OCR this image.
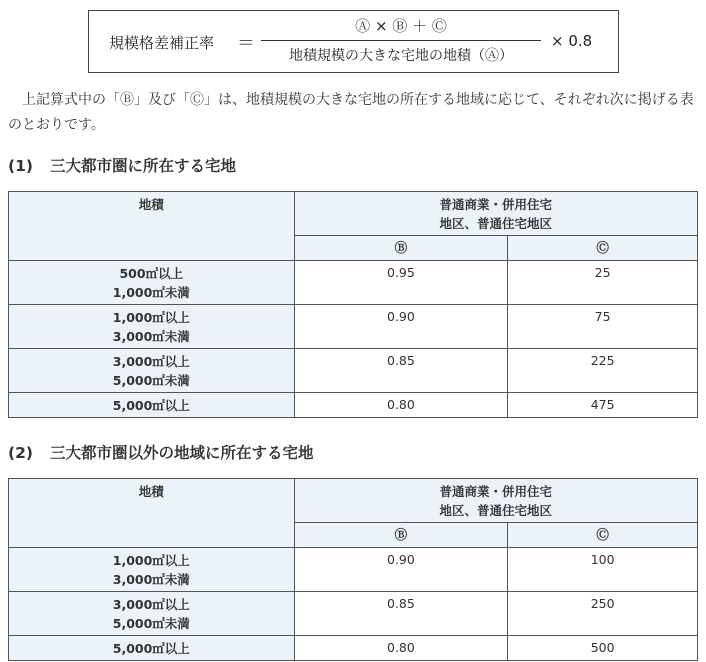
規模格差補正率 ＝
Ⓐ × Ⓑ ＋ Ⓒ
地積規模の大きな宅地の地積（Ⓐ）
× 0.8

上記算式中の「Ⓑ」及び「Ⓒ」は、地積規模の大きな宅地の所在する地域に応じて、それぞれ次に掲げる表のとおりです。

(1) 三大都市圏に所在する宅地
地積	普通商業・併用住宅
地区、普通住宅地区	

	Ⓑ	Ⓒ

500㎡以上
1,000㎡未満	0.95	25

1,000㎡以上
3,000㎡未満	0.90	75

3,000㎡以上
5,000㎡未満	0.85	225

5,000㎡以上	0.80	475
(2) 三大都市圏以外の地域に所在する宅地
地積	普通商業・併用住宅
地区、普通住宅地区	

	Ⓑ	Ⓒ

1,000㎡以上
3,000㎡未満	0.90	100

3,000㎡以上
5,000㎡未満	0.85	250

5,000㎡以上	0.80	500
